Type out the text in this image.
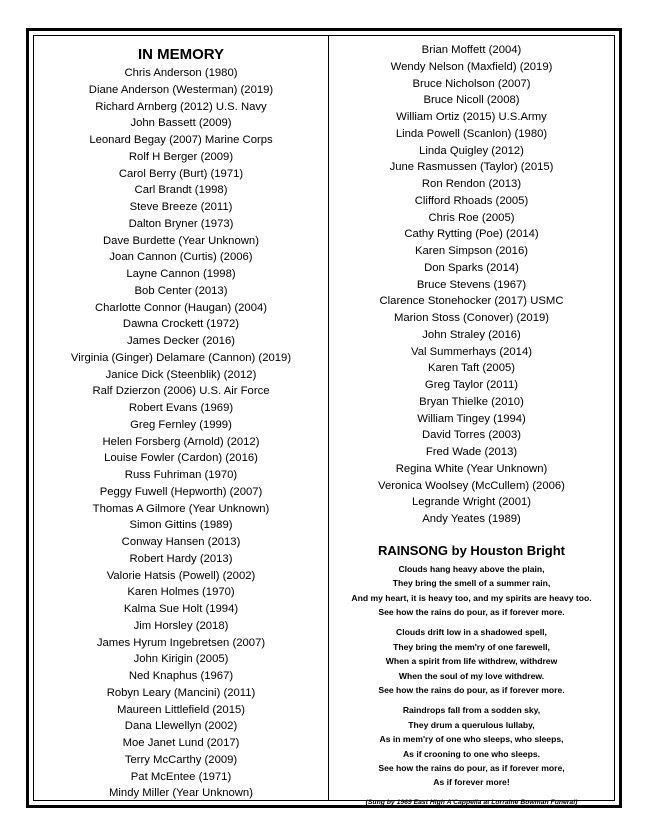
IN MEMORY
Chris Anderson (1980)
Diane Anderson (Westerman) (2019)
Richard Arnberg (2012) U.S. Navy
John Bassett (2009)
Leonard Begay (2007) Marine Corps
Rolf H Berger (2009)
Carol Berry (Burt) (1971)
Carl Brandt (1998)
Steve Breeze (2011)
Dalton Bryner (1973)
Dave Burdette (Year Unknown)
Joan Cannon (Curtis) (2006)
Layne Cannon (1998)
Bob Center (2013)
Charlotte Connor (Haugan) (2004)
Dawna Crockett (1972)
James Decker (2016)
Virginia (Ginger) Delamare (Cannon) (2019)
Janice Dick (Steenblik) (2012)
Ralf Dzierzon (2006) U.S. Air Force
Robert Evans (1969)
Greg Fernley (1999)
Helen Forsberg (Arnold) (2012)
Louise Fowler (Cardon) (2016)
Russ Fuhriman (1970)
Peggy Fuwell (Hepworth) (2007)
Thomas A Gilmore (Year Unknown)
Simon Gittins (1989)
Conway Hansen (2013)
Robert Hardy (2013)
Valorie Hatsis (Powell) (2002)
Karen Holmes (1970)
Kalma Sue Holt (1994)
Jim Horsley (2018)
James Hyrum Ingebretsen (2007)
John Kirigin (2005)
Ned Knaphus (1967)
Robyn Leary (Mancini) (2011)
Maureen Littlefield (2015)
Dana Llewellyn (2002)
Moe Janet Lund (2017)
Terry McCarthy (2009)
Pat McEntee (1971)
Mindy Miller (Year Unknown)
Brian Moffett (2004)
Wendy Nelson (Maxfield) (2019)
Bruce Nicholson (2007)
Bruce Nicoll (2008)
William Ortiz (2015) U.S.Army
Linda Powell (Scanlon) (1980)
Linda Quigley (2012)
June Rasmussen (Taylor) (2015)
Ron Rendon (2013)
Clifford Rhoads (2005)
Chris Roe (2005)
Cathy Rytting (Poe) (2014)
Karen Simpson (2016)
Don Sparks (2014)
Bruce Stevens (1967)
Clarence Stonehocker (2017) USMC
Marion Stoss (Conover) (2019)
John Straley (2016)
Val Summerhays (2014)
Karen Taft (2005)
Greg Taylor (2011)
Bryan Thielke (2010)
William Tingey (1994)
David Torres (2003)
Fred Wade (2013)
Regina White (Year Unknown)
Veronica Woolsey (McCullem) (2006)
Legrande Wright (2001)
Andy Yeates (1989)
RAINSONG by Houston Bright
Clouds hang heavy above the plain,
They bring the smell of a summer rain,
And my heart, it is heavy too, and my spirits are heavy too.
See how the rains do pour, as if forever more.
Clouds drift low in a shadowed spell,
They bring the mem'ry of one farewell,
When a spirit from life withdrew, withdrew
When the soul of my love withdrew.
See how the rains do pour, as if forever more.
Raindrops fall from a sodden sky,
They drum a querulous lullaby,
As in mem'ry of one who sleeps, who sleeps,
As if crooning to one who sleeps.
See how the rains do pour, as if forever more,
As if forever more!
(Sung by 1969 East High A'Cappella at Lorraine Bowman Funeral)
